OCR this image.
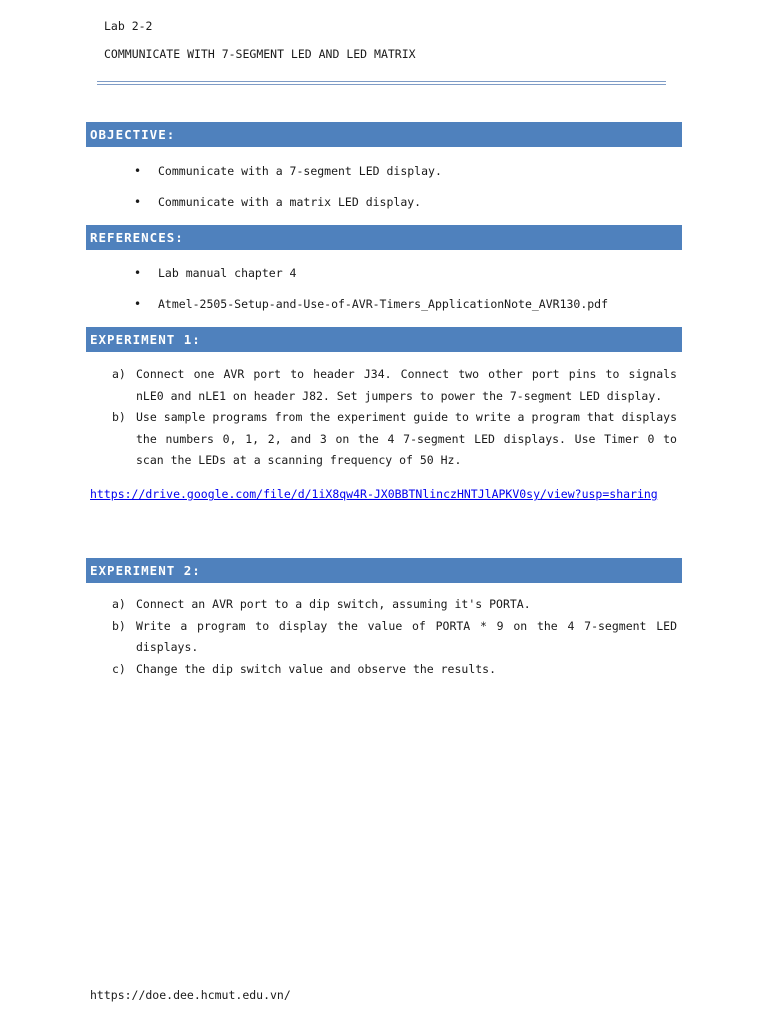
Lab 2-2
COMMUNICATE WITH 7-SEGMENT LED AND LED MATRIX
OBJECTIVE:
• Communicate with a 7-segment LED display.
• Communicate with a matrix LED display.
REFERENCES:
• Lab manual chapter 4
• Atmel-2505-Setup-and-Use-of-AVR-Timers_ApplicationNote_AVR130.pdf
EXPERIMENT 1:
a) Connect one AVR port to header J34. Connect two other port pins to signals nLE0 and nLE1 on header J82. Set jumpers to power the 7-segment LED display.
b) Use sample programs from the experiment guide to write a program that displays the numbers 0, 1, 2, and 3 on the 4 7-segment LED displays. Use Timer 0 to scan the LEDs at a scanning frequency of 50 Hz.
https://drive.google.com/file/d/1iX8qw4R-JX0BBTNlinczHNTJlAPKV0sy/view?usp=sharing
EXPERIMENT 2:
a) Connect an AVR port to a dip switch, assuming it's PORTA.
b) Write a program to display the value of PORTA * 9 on the 4 7-segment LED displays.
c) Change the dip switch value and observe the results.
https://doe.dee.hcmut.edu.vn/
